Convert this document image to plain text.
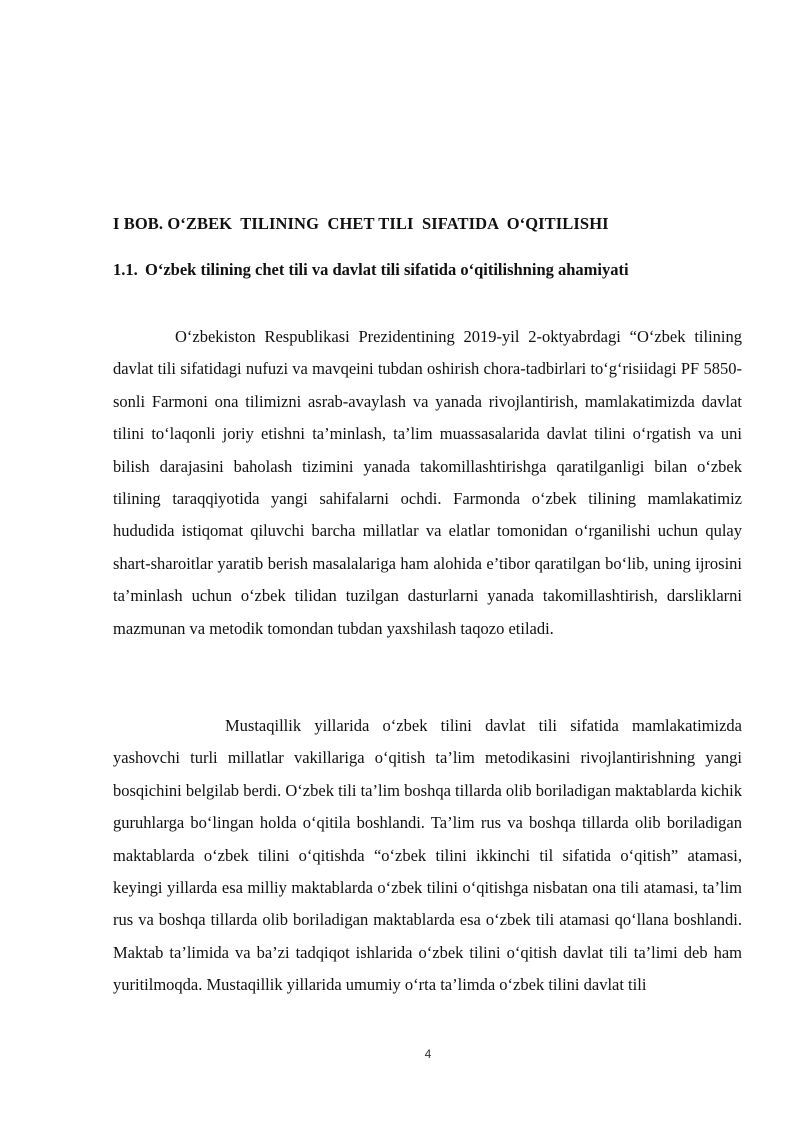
I BOB. O‘ZBEK  TILINING  CHET TILI  SIFATIDA  O‘QITILISHI
1.1. O‘zbek tilining chet tili va davlat tili sifatida o‘qitilishning ahamiyati

O‘zbekiston Respublikasi Prezidentining 2019-yil 2-oktyabrdagi “O‘zbek tilining davlat tili sifatidagi nufuzi va mavqeini tubdan oshirish chora-tadbirlari to‘g‘risiidagi PF 5850-sonli Farmoni ona tilimizni asrab-avaylash va yanada rivojlantirish, mamlakatimizda davlat tilini to‘laqonli joriy etishni ta’minlash, ta’lim muassasalarida davlat tilini o‘rgatish va uni bilish darajasini baholash tizimini yanada takomillashtirishga qaratilganligi bilan o‘zbek tilining taraqqiyotida yangi sahifalarni ochdi. Farmonda o‘zbek tilining mamlakatimiz hududida istiqomat qiluvchi barcha millatlar va elatlar tomonidan o‘rganilishi uchun qulay shart-sharoitlar yaratib berish masalalariga ham alohida e’tibor qaratilgan bo‘lib, uning ijrosini ta’minlash uchun o‘zbek tilidan tuzilgan dasturlarni yanada takomillashtirish, darsliklarni mazmunan va metodik tomondan tubdan yaxshilash taqozo etiladi.

Mustaqillik yillarida o‘zbek tilini davlat tili sifatida mamlakatimizda yashovchi turli millatlar vakillariga o‘qitish ta’lim metodikasini rivojlantirishning yangi bosqichini belgilab berdi. O‘zbek tili ta’lim boshqa tillarda olib boriladigan maktablarda kichik guruhlarga bo‘lingan holda o‘qitila boshlandi. Ta’lim rus va boshqa tillarda olib boriladigan maktablarda o‘zbek tilini o‘qitishda “o‘zbek tilini ikkinchi til sifatida o‘qitish” atamasi, keyingi yillarda esa milliy maktablarda o‘zbek tilini o‘qitishga nisbatan ona tili atamasi, ta’lim rus va boshqa tillarda olib boriladigan maktablarda esa o‘zbek tili atamasi qo‘llana boshlandi. Maktab ta’limida va ba’zi tadqiqot ishlarida o‘zbek tilini o‘qitish davlat tili ta’limi deb ham yuritilmoqda. Mustaqillik yillarida umumiy o‘rta ta’limda o‘zbek tilini davlat tili

4
